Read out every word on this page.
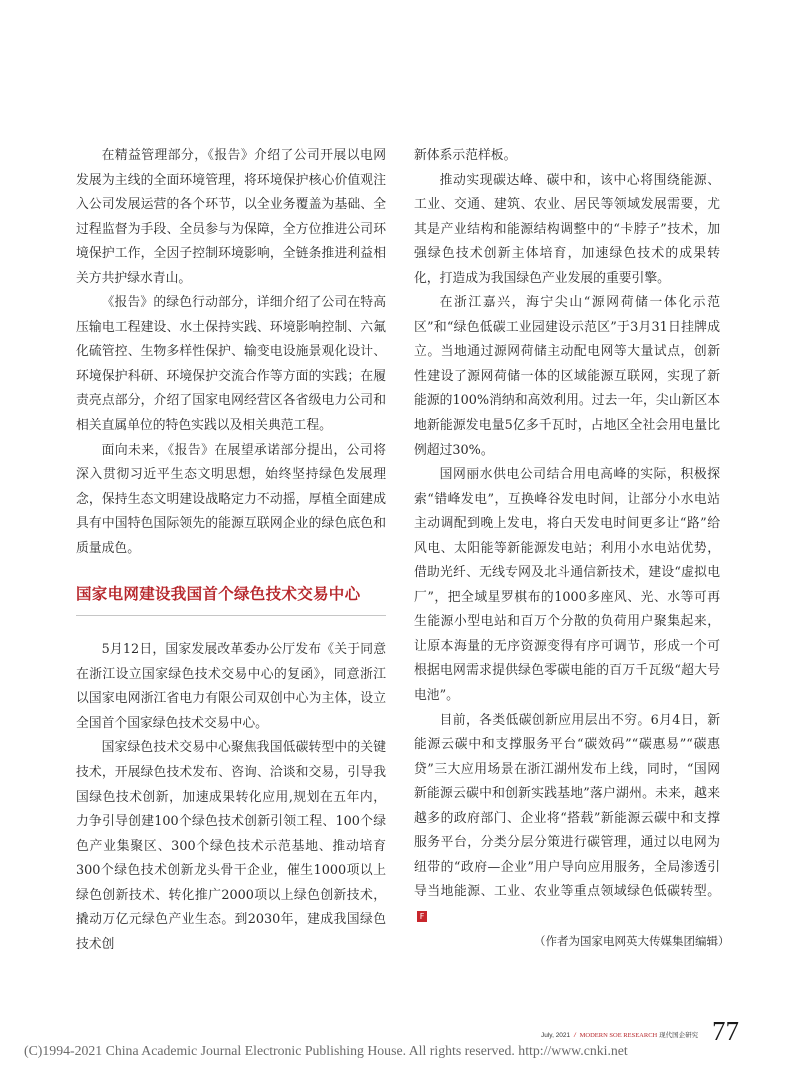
在精益管理部分，《报告》介绍了公司开展以电网发展为主线的全面环境管理，将环境保护核心价值观注入公司发展运营的各个环节，以全业务覆盖为基础、全过程监督为手段、全员参与为保障，全方位推进公司环境保护工作，全因子控制环境影响，全链条推进利益相关方共护绿水青山。

《报告》的绿色行动部分，详细介绍了公司在特高压输电工程建设、水土保持实践、环境影响控制、六氟化硫管控、生物多样性保护、输变电设施景观化设计、环境保护科研、环境保护交流合作等方面的实践；在履责亮点部分，介绍了国家电网经营区各省级电力公司和相关直属单位的特色实践以及相关典范工程。

面向未来，《报告》在展望承诺部分提出，公司将深入贯彻习近平生态文明思想，始终坚持绿色发展理念，保持生态文明建设战略定力不动摇，厚植全面建成具有中国特色国际领先的能源互联网企业的绿色底色和质量成色。

国家电网建设我国首个绿色技术交易中心

5月12日，国家发展改革委办公厅发布《关于同意在浙江设立国家绿色技术交易中心的复函》，同意浙江以国家电网浙江省电力有限公司双创中心为主体，设立全国首个国家绿色技术交易中心。

国家绿色技术交易中心聚焦我国低碳转型中的关键技术，开展绿色技术发布、咨询、洽谈和交易，引导我国绿色技术创新，加速成果转化应用,规划在五年内，力争引导创建100个绿色技术创新引领工程、100个绿色产业集聚区、300个绿色技术示范基地、推动培育300个绿色技术创新龙头骨干企业，催生1000项以上绿色创新技术、转化推广2000项以上绿色创新技术，撬动万亿元绿色产业生态。到2030年，建成我国绿色技术创

新体系示范样板。

推动实现碳达峰、碳中和，该中心将围绕能源、工业、交通、建筑、农业、居民等领域发展需要，尤其是产业结构和能源结构调整中的“卡脖子”技术，加强绿色技术创新主体培育，加速绿色技术的成果转化，打造成为我国绿色产业发展的重要引擎。

在浙江嘉兴，海宁尖山“源网荷储一体化示范区”和“绿色低碳工业园建设示范区”于3月31日挂牌成立。当地通过源网荷储主动配电网等大量试点，创新性建设了源网荷储一体的区域能源互联网，实现了新能源的100%消纳和高效利用。过去一年，尖山新区本地新能源发电量5亿多千瓦时，占地区全社会用电量比例超过30%。

国网丽水供电公司结合用电高峰的实际，积极探索“错峰发电”，互换峰谷发电时间，让部分小水电站主动调配到晚上发电，将白天发电时间更多让“路”给风电、太阳能等新能源发电站；利用小水电站优势，借助光纤、无线专网及北斗通信新技术，建设“虚拟电厂”，把全域星罗棋布的1000多座风、光、水等可再生能源小型电站和百万个分散的负荷用户聚集起来，让原本海量的无序资源变得有序可调节，形成一个可根据电网需求提供绿色零碳电能的百万千瓦级“超大号电池”。

目前，各类低碳创新应用层出不穷。6月4日，新能源云碳中和支撑服务平台“碳效码”“碳惠易”“碳惠贷”三大应用场景在浙江湖州发布上线，同时，“国网新能源云碳中和创新实践基地”落户湖州。未来，越来越多的政府部门、企业将“搭载”新能源云碳中和支撑服务平台，分类分层分策进行碳管理，通过以电网为纽带的“政府—企业”用户导向应用服务，全局渗透引导当地能源、工业、农业等重点领域绿色低碳转型。F

（作者为国家电网英大传媒集团编辑）
July, 2021 / MODERN SOE RESEARCH 现代国企研究 77
(C)1994-2021 China Academic Journal Electronic Publishing House. All rights reserved. http://www.cnki.net
